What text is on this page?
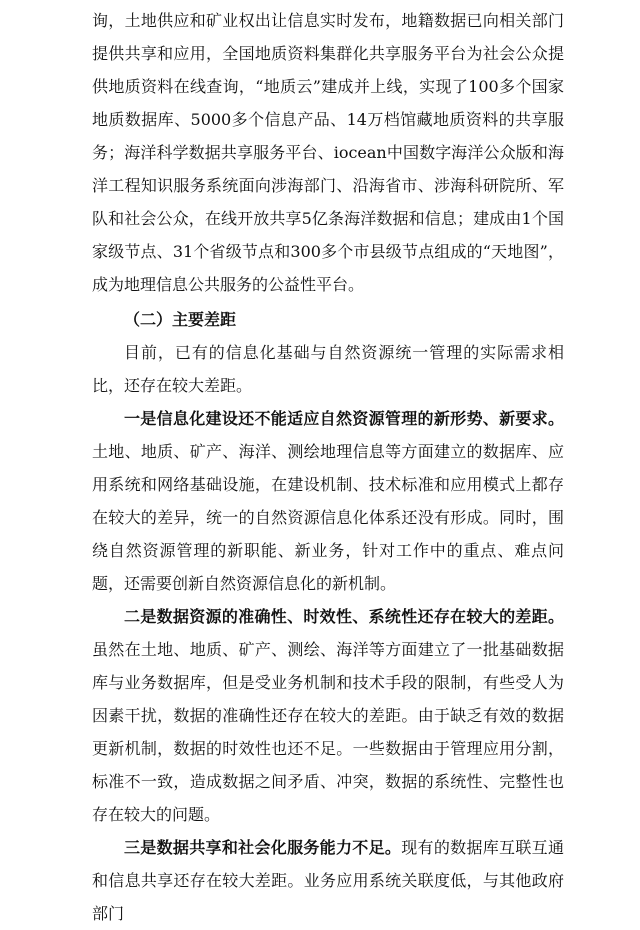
询，土地供应和矿业权出让信息实时发布，地籍数据已向相关部门提供共享和应用，全国地质资料集群化共享服务平台为社会公众提供地质资料在线查询，“地质云”建成并上线，实现了100多个国家地质数据库、5000多个信息产品、14万档馆藏地质资料的共享服务；海洋科学数据共享服务平台、iocean中国数字海洋公众版和海洋工程知识服务系统面向涉海部门、沿海省市、涉海科研院所、军队和社会公众，在线开放共享5亿条海洋数据和信息；建成由1个国家级节点、31个省级节点和300多个市县级节点组成的“天地图”，成为地理信息公共服务的公益性平台。

（二）主要差距

目前，已有的信息化基础与自然资源统一管理的实际需求相比，还存在较大差距。

一是信息化建设还不能适应自然资源管理的新形势、新要求。土地、地质、矿产、海洋、测绘地理信息等方面建立的数据库、应用系统和网络基础设施，在建设机制、技术标准和应用模式上都存在较大的差异，统一的自然资源信息化体系还没有形成。同时，围绕自然资源管理的新职能、新业务，针对工作中的重点、难点问题，还需要创新自然资源信息化的新机制。

二是数据资源的准确性、时效性、系统性还存在较大的差距。虽然在土地、地质、矿产、测绘、海洋等方面建立了一批基础数据库与业务数据库，但是受业务机制和技术手段的限制，有些受人为因素干扰，数据的准确性还存在较大的差距。由于缺乏有效的数据更新机制，数据的时效性也还不足。一些数据由于管理应用分割，标准不一致，造成数据之间矛盾、冲突，数据的系统性、完整性也存在较大的问题。

三是数据共享和社会化服务能力不足。现有的数据库互联互通和信息共享还存在较大差距。业务应用系统关联度低，与其他政府部门
